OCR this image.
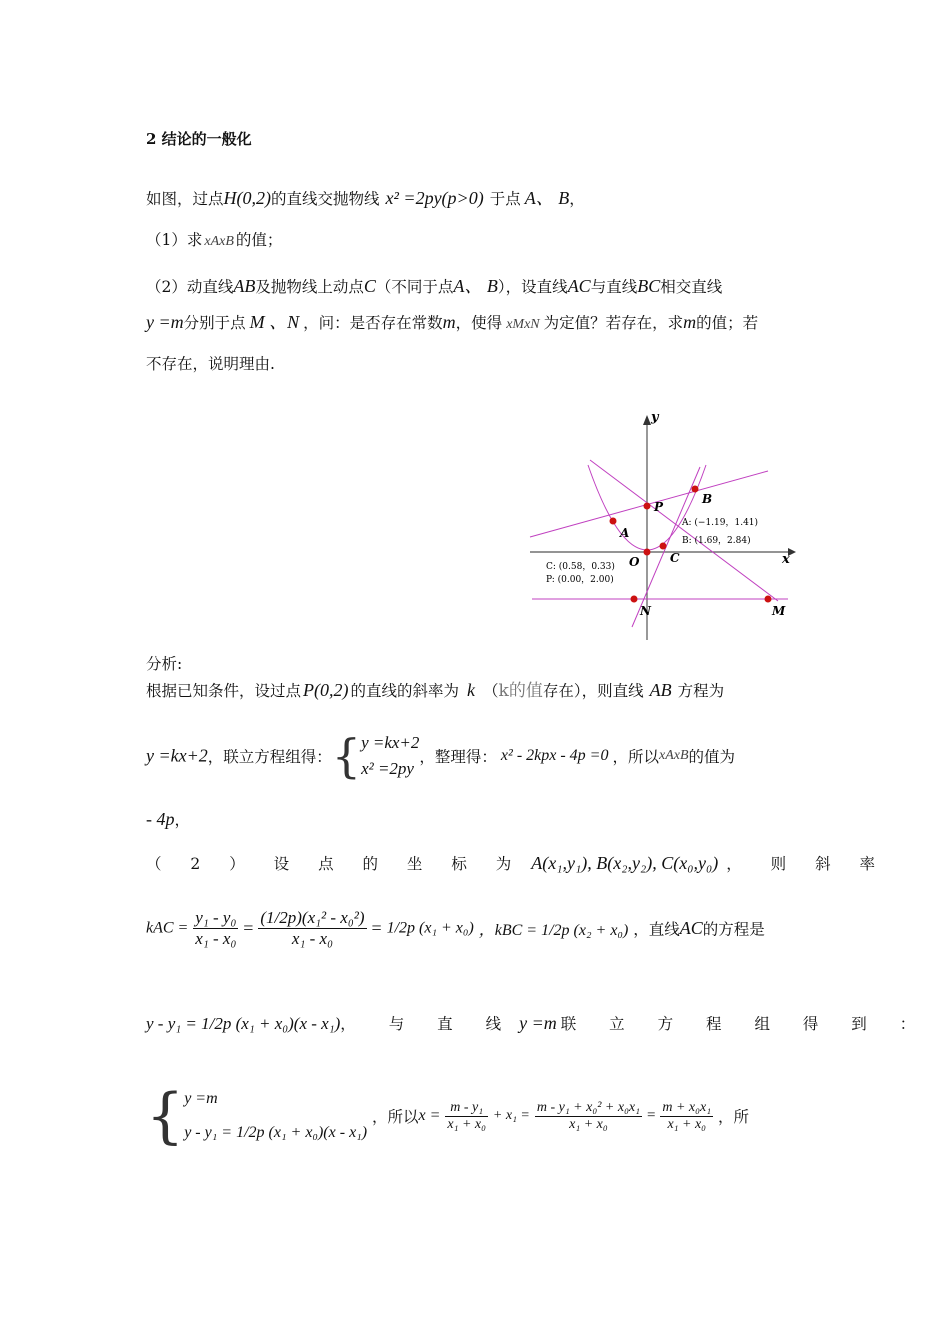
2 结论的一般化
如图，过点H(0,2)的直线交抛物线 x² =2py(p>0) 于点 A、 B，
（1）求 xAxB 的值；
（2）动直线AB及抛物线上动点C（不同于点A、 B），设直线AC与直线BC相交直线
y =m分别于点 M 、N ，问：是否存在常数m，使得 xMxN 为定值？若存在，求m的值；若
不存在，说明理由.
x
y
A
B
C
O
P
M
N
A: (−1.19，1.41)
B: (1.69，2.84)
C: (0.58，0.33)
P: (0.00，2.00)
分析:
根据已知条件，设过点 P(0,2) 的直线的斜率为 k （k的值存在），则直线 AB 方程为
y =kx+2，联立方程组得：{ y =kx+2
x² =2py
，整理得： x² - 2kpx - 4p =0 ，所以xAxB的值为
- 4p，
（ 2 ） 设 点 的 坐 标 为 A(x₁,y₁), B(x₂,y₂), C(x₀,y₀) ， 则 斜 率
kAC = $\frac{\text{y₁ - y₀}}{\text{x₁ - x₀}} = \frac{\text{(1/2p)(x₁² - x₀²)}}{\text{x₁ - x₀}} = 1/2p$ (x₁ + x₀) ，kBC = 1/2p (x₂ + x₀) ，直线AC的方程是
y - y₁ = 1/2p (x₁ + x₀)(x - x₁)， 与 直 线 y =m 联 立 方 程 组 得 到 ：
{ y =m
y - y₁ = 1/2p (x₁ + x₀)(x - x₁)
，所以$x = \frac{\text{m - y₁}}{\text{x₁ + x₀}} + x_1 = \frac{\text{m - y₁ + x₀² + x₀x₁}}{\text{x₁ + x₀}} = \frac{\text{m + x₀x₁}}{\text{x₁ + x₀}}$ ，所
